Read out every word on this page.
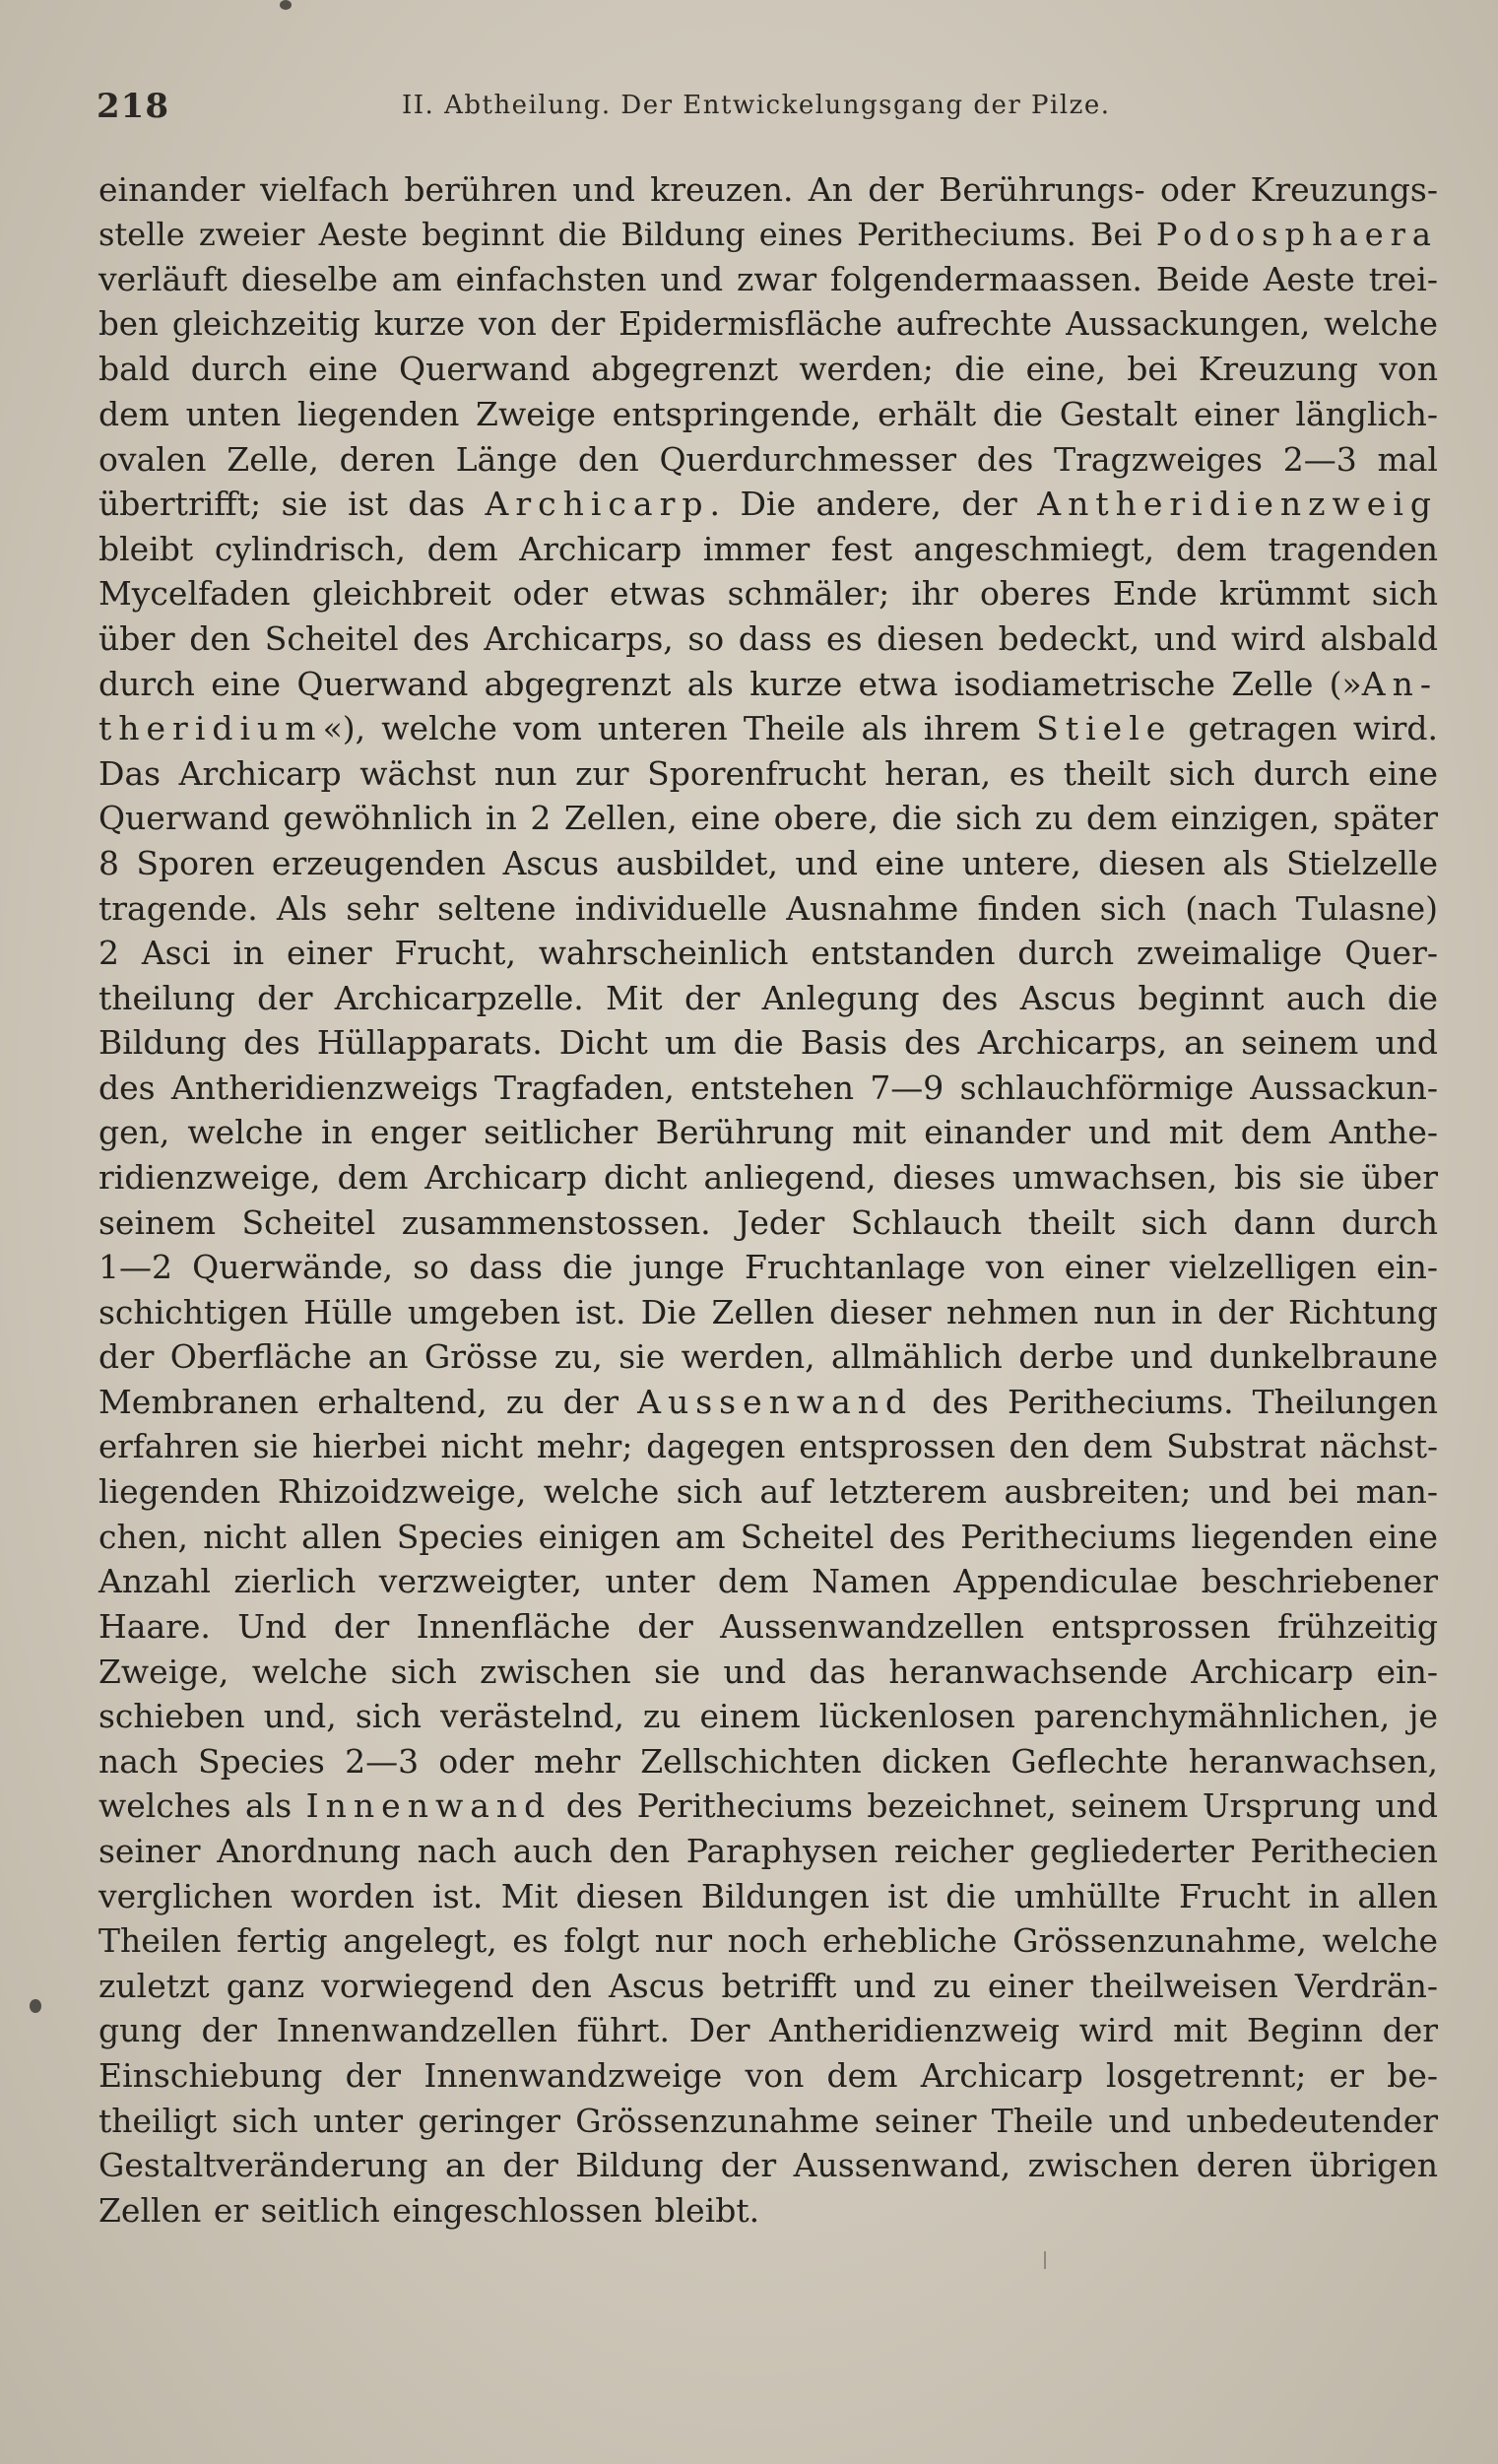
218	II. Abtheilung. Der Entwickelungsgang der Pilze.
einander vielfach berühren und kreuzen. An der Berührungs- oder Kreuzungs-
stelle zweier Aeste beginnt die Bildung eines Peritheciums. Bei Podosphaera
verläuft dieselbe am einfachsten und zwar folgendermaassen. Beide Aeste trei-
ben gleichzeitig kurze von der Epidermisfläche aufrechte Aussackungen, welche
bald durch eine Querwand abgegrenzt werden; die eine, bei Kreuzung von
dem unten liegenden Zweige entspringende, erhält die Gestalt einer länglich-
ovalen Zelle, deren Länge den Querdurchmesser des Tragzweiges 2—3 mal
übertrifft; sie ist das Archicarp. Die andere, der Antheridienzweig
bleibt cylindrisch, dem Archicarp immer fest angeschmiegt, dem tragenden
Mycelfaden gleichbreit oder etwas schmäler; ihr oberes Ende krümmt sich
über den Scheitel des Archicarps, so dass es diesen bedeckt, und wird alsbald
durch eine Querwand abgegrenzt als kurze etwa isodiametrische Zelle (»An-
theridium«), welche vom unteren Theile als ihrem Stiele getragen wird.
Das Archicarp wächst nun zur Sporenfrucht heran, es theilt sich durch eine
Querwand gewöhnlich in 2 Zellen, eine obere, die sich zu dem einzigen, später
8 Sporen erzeugenden Ascus ausbildet, und eine untere, diesen als Stielzelle
tragende. Als sehr seltene individuelle Ausnahme finden sich (nach Tulasne)
2 Asci in einer Frucht, wahrscheinlich entstanden durch zweimalige Quer-
theilung der Archicarpzelle. Mit der Anlegung des Ascus beginnt auch die
Bildung des Hüllapparats. Dicht um die Basis des Archicarps, an seinem und
des Antheridienzweigs Tragfaden, entstehen 7—9 schlauchförmige Aussackun-
gen, welche in enger seitlicher Berührung mit einander und mit dem Anthe-
ridienzweige, dem Archicarp dicht anliegend, dieses umwachsen, bis sie über
seinem Scheitel zusammenstossen. Jeder Schlauch theilt sich dann durch
1—2 Querwände, so dass die junge Fruchtanlage von einer vielzelligen ein-
schichtigen Hülle umgeben ist. Die Zellen dieser nehmen nun in der Richtung
der Oberfläche an Grösse zu, sie werden, allmählich derbe und dunkelbraune
Membranen erhaltend, zu der Aussenwand des Peritheciums. Theilungen
erfahren sie hierbei nicht mehr; dagegen entsprossen den dem Substrat nächst-
liegenden Rhizoidzweige, welche sich auf letzterem ausbreiten; und bei man-
chen, nicht allen Species einigen am Scheitel des Peritheciums liegenden eine
Anzahl zierlich verzweigter, unter dem Namen Appendiculae beschriebener
Haare. Und der Innenfläche der Aussenwandzellen entsprossen frühzeitig
Zweige, welche sich zwischen sie und das heranwachsende Archicarp ein-
schieben und, sich verästelnd, zu einem lückenlosen parenchymähnlichen, je
nach Species 2—3 oder mehr Zellschichten dicken Geflechte heranwachsen,
welches als Innenwand des Peritheciums bezeichnet, seinem Ursprung und
seiner Anordnung nach auch den Paraphysen reicher gegliederter Perithecien
verglichen worden ist. Mit diesen Bildungen ist die umhüllte Frucht in allen
Theilen fertig angelegt, es folgt nur noch erhebliche Grössenzunahme, welche
zuletzt ganz vorwiegend den Ascus betrifft und zu einer theilweisen Verdrän-
gung der Innenwandzellen führt. Der Antheridienzweig wird mit Beginn der
Einschiebung der Innenwandzweige von dem Archicarp losgetrennt; er be-
theiligt sich unter geringer Grössenzunahme seiner Theile und unbedeutender
Gestaltveränderung an der Bildung der Aussenwand, zwischen deren übrigen
Zellen er seitlich eingeschlossen bleibt.
